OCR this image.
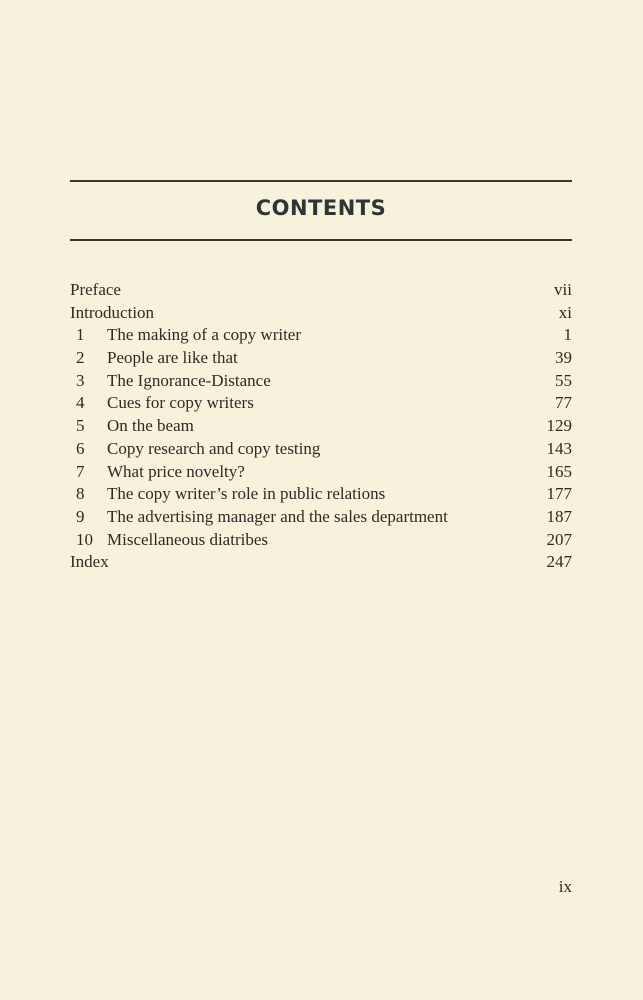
CONTENTS
Preface	vii
Introduction	xi
1	The making of a copy writer	1
2	People are like that	39
3	The Ignorance-Distance	55
4	Cues for copy writers	77
5	On the beam	129
6	Copy research and copy testing	143
7	What price novelty?	165
8	The copy writer’s role in public relations	177
9	The advertising manager and the sales department	187
10 Miscellaneous diatribes	207
Index	247
ix
